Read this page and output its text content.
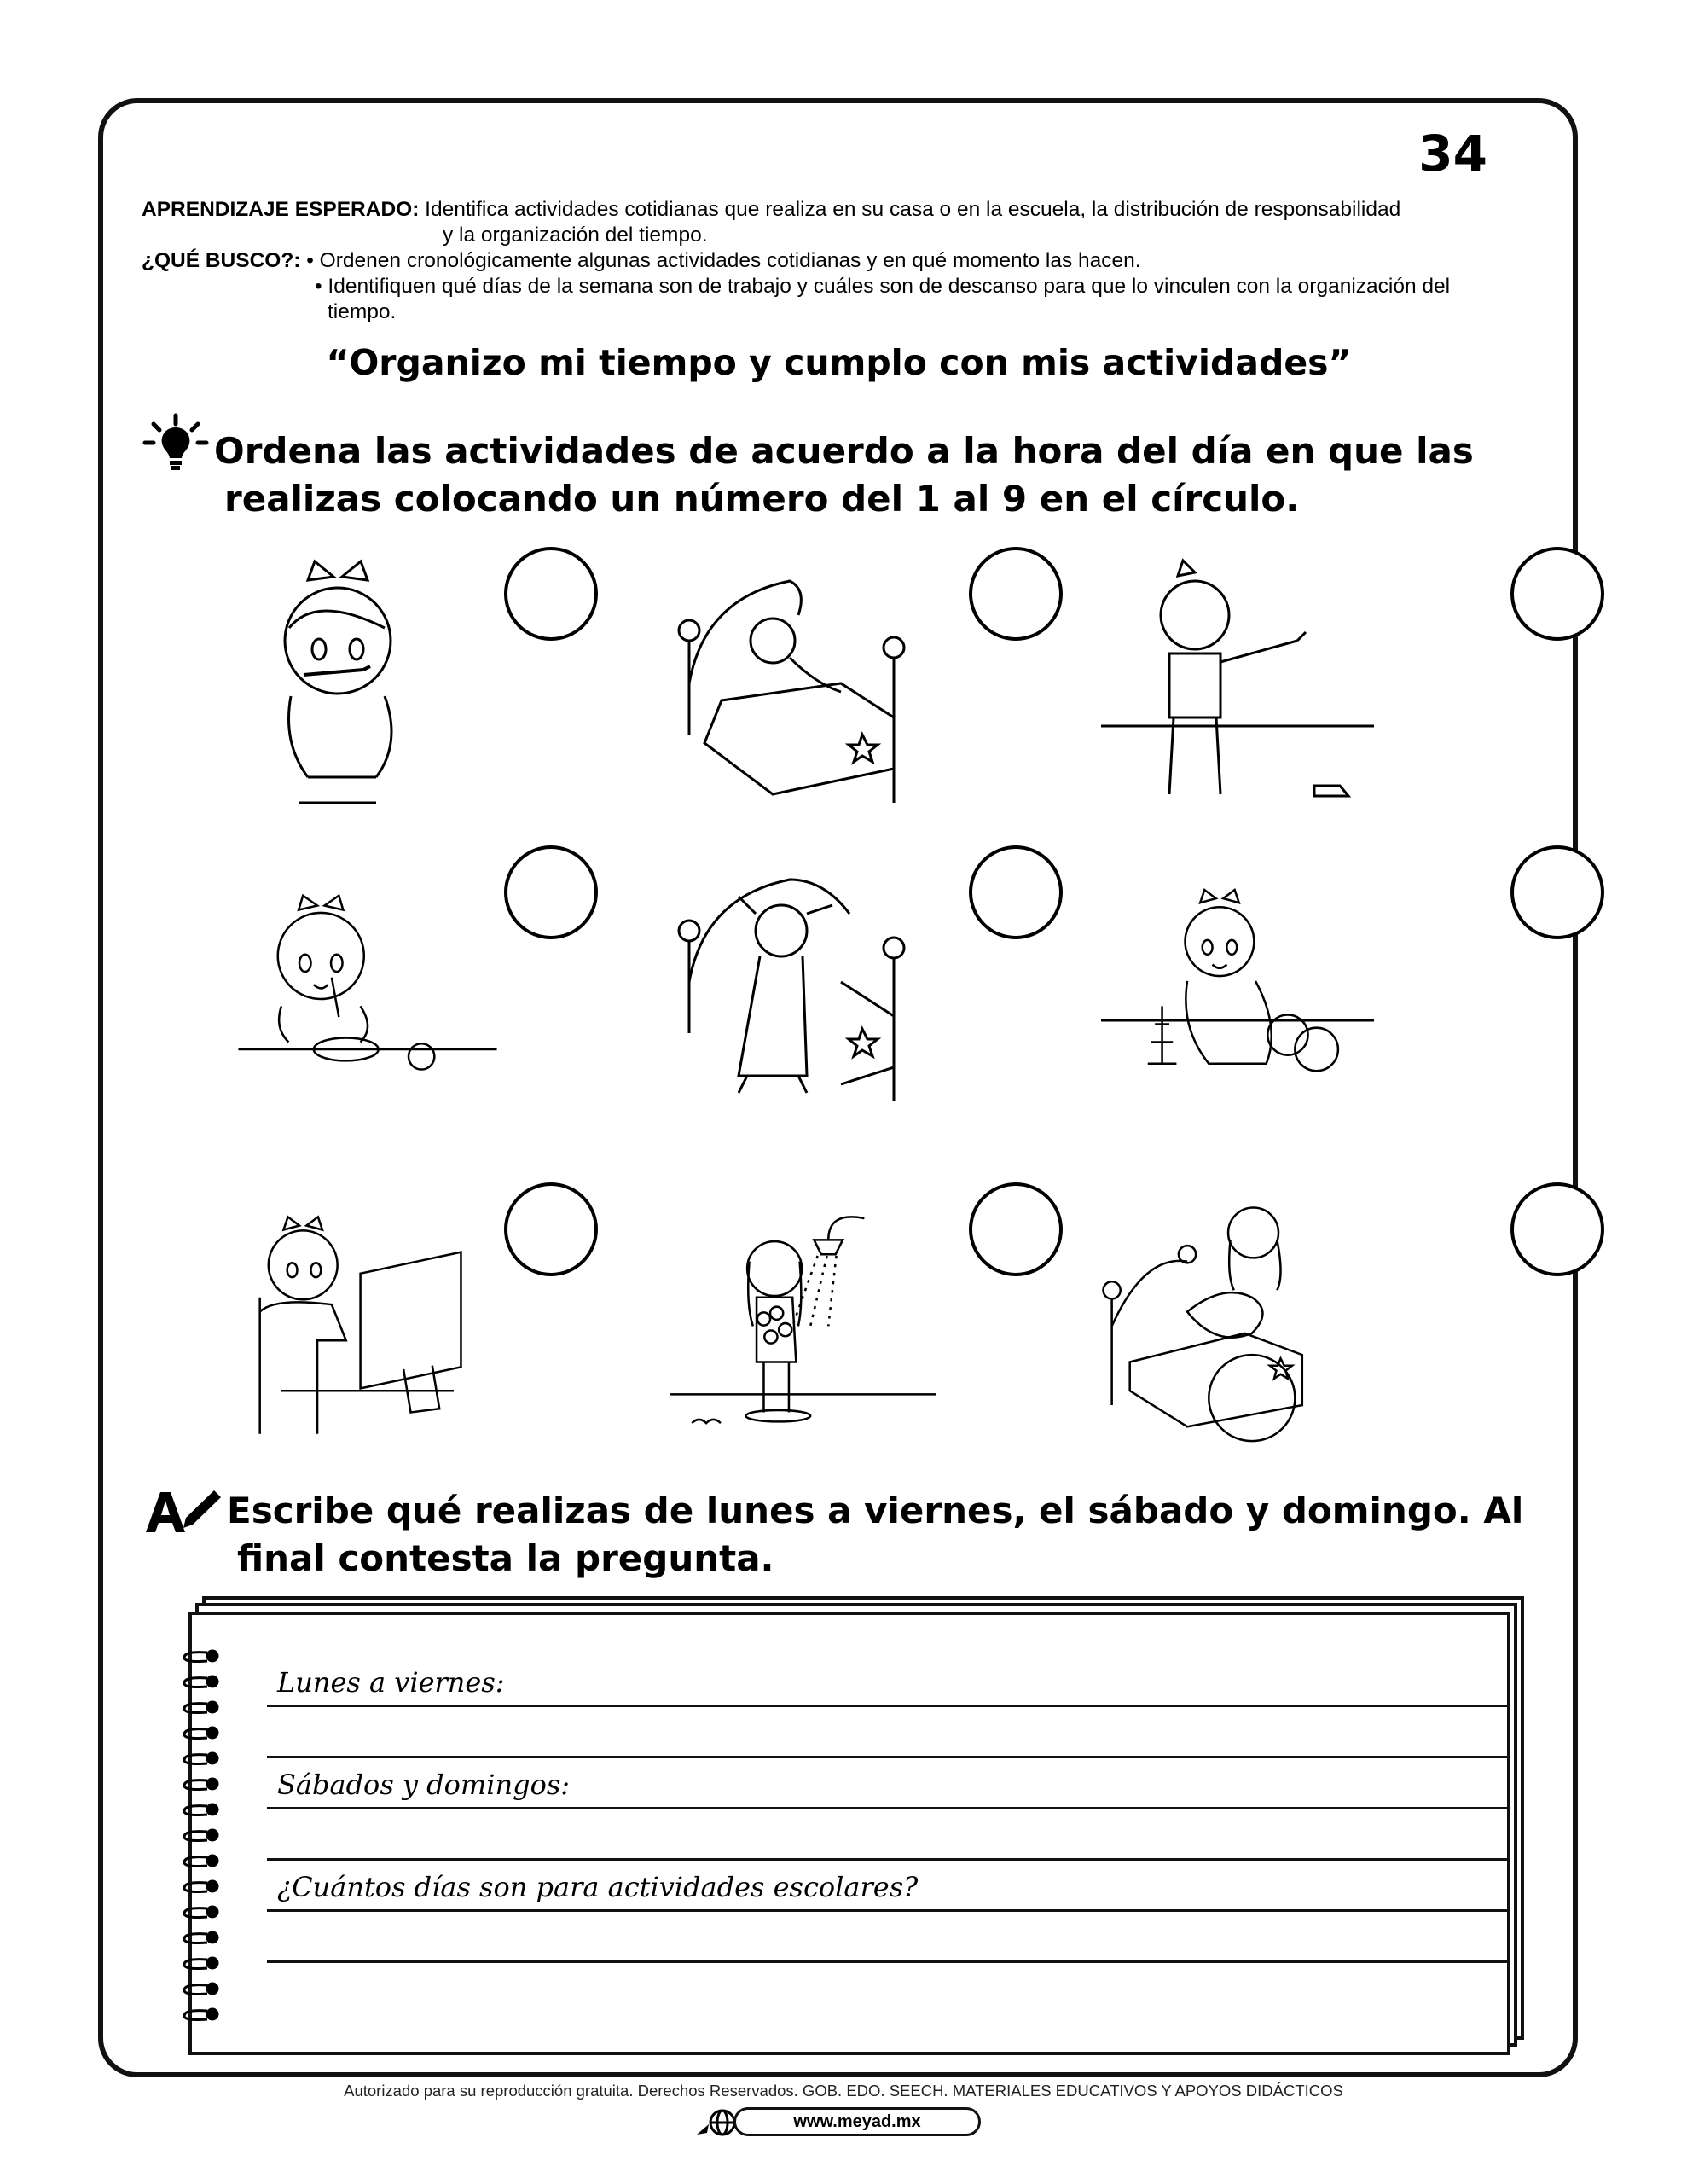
34
APRENDIZAJE ESPERADO: Identifica actividades cotidianas que realiza en su casa o en la escuela, la distribución de responsabilidad
y la organización del tiempo.
¿QUÉ BUSCO?: • Ordenen cronológicamente algunas actividades cotidianas y en qué momento las hacen.
• Identifiquen qué días de la semana son de trabajo y cuáles son de descanso para que lo vinculen con la organización del
tiempo.
“Organizo mi tiempo y cumplo con mis actividades”
Ordena las actividades de acuerdo a la hora del día en que las
realizas colocando un número del 1 al 9 en el círculo.
Escribe qué realizas de lunes a viernes, el sábado y domingo. Al
final contesta la pregunta.
Lunes a viernes:
Sábados y domingos:
¿Cuántos días son para actividades escolares?
Autorizado para su reproducción gratuita. Derechos Reservados. GOB. EDO. SEECH. MATERIALES EDUCATIVOS Y APOYOS DIDÁCTICOS
www.meyad.mx
